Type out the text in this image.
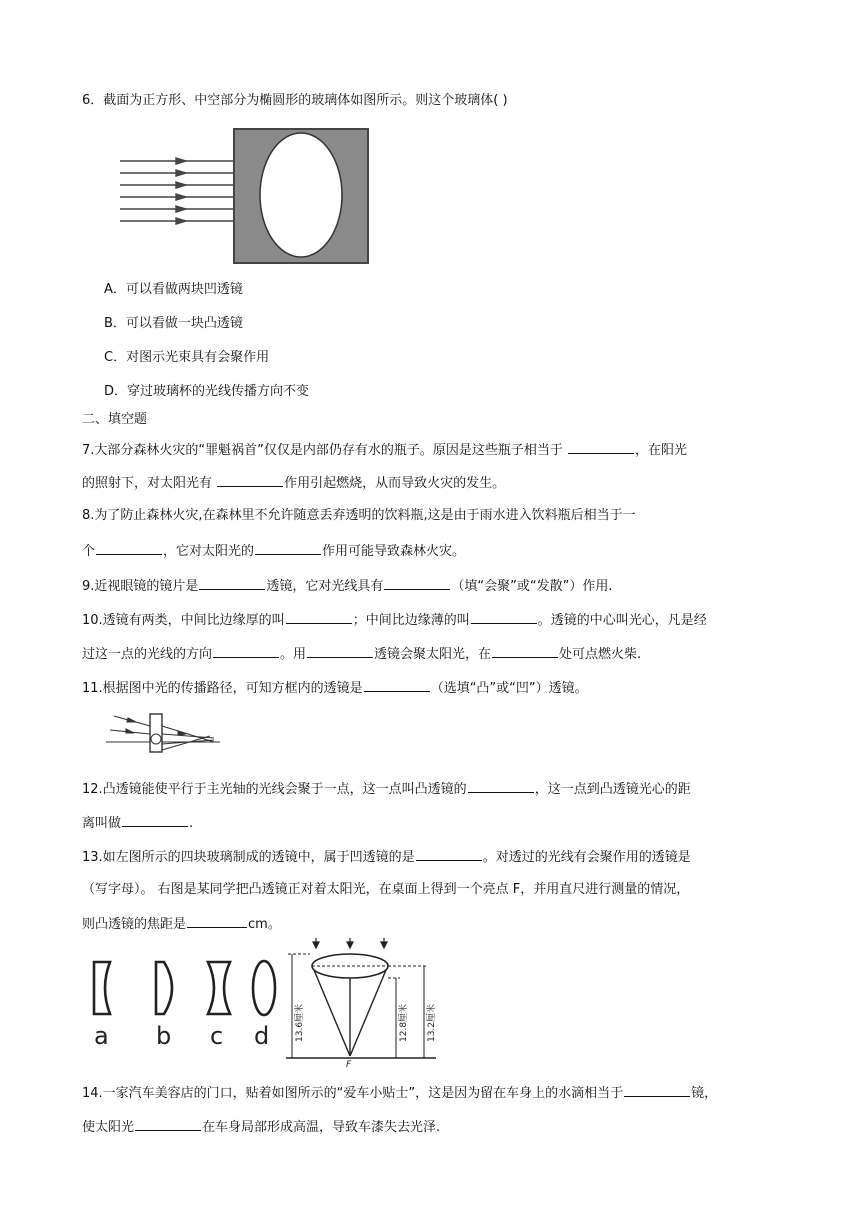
6．截面为正方形、中空部分为椭圆形的玻璃体如图所示。则这个玻璃体( )
A．可以看做两块凹透镜
B．可以看做一块凸透镜
C．对图示光束具有会聚作用
D．穿过玻璃杯的光线传播方向不变
二、填空题
7.大部分森林火灾的“罪魁祸首”仅仅是内部仍存有水的瓶子。原因是这些瓶子相当于	，在阳光
的照射下，对太阳光有	作用引起燃烧，从而导致火灾的发生。
8.为了防止森林火灾,在森林里不允许随意丢弃透明的饮料瓶,这是由于雨水进入饮料瓶后相当于一
个	，它对太阳光的	作用可能导致森林火灾。
9.近视眼镜的镜片是	透镜，它对光线具有	（填“会聚”或“发散”）作用.
10.透镜有两类，中间比边缘厚的叫	；中间比边缘薄的叫	。透镜的中心叫光心，凡是经
过这一点的光线的方向	。用	透镜会聚太阳光，在	处可点燃火柴.
11.根据图中光的传播路径，可知方框内的透镜是	（选填“凸”或“凹”）透镜。
12.凸透镜能使平行于主光轴的光线会聚于一点，这一点叫凸透镜的	，这一点到凸透镜光心的距
离叫做	.
13.如左图所示的四块玻璃制成的透镜中，属于凹透镜的是	。对透过的光线有会聚作用的透镜是
（写字母）。 右图是某同学把凸透镜正对着太阳光，在桌面上得到一个亮点 F，并用直尺进行测量的情况，
则凸透镜的焦距是	cm。
a b c d	13.6厘米	12.8厘米 13.2厘米
F
14.一家汽车美容店的门口，贴着如图所示的“爱车小贴士”，这是因为留在车身上的水滴相当于	镜，
使太阳光	在车身局部形成高温，导致车漆失去光泽.
